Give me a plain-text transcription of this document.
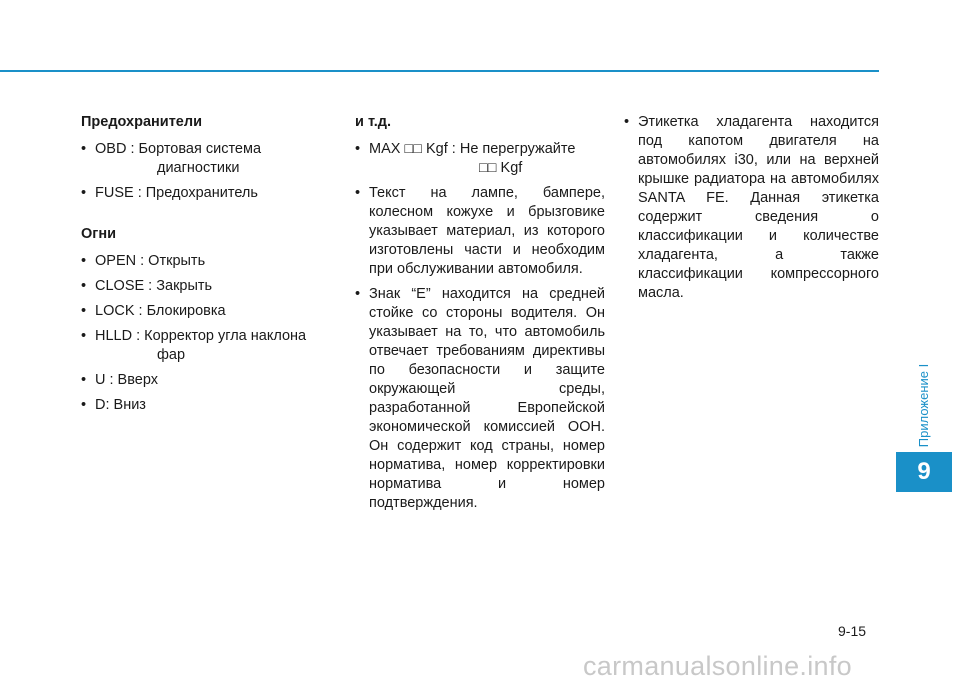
Предохранители
• OBD : Бортовая система
диагностики
• FUSE : Предохранитель
Огни
• OPEN : Открыть
• CLOSE : Закрыть
• LOCK : Блокировка
• HLLD : Корректор угла наклона
фар
• U : Вверх
• D: Вниз
и т.д.
• MAX □□ Kgf : Не перегружайте
□□ Kgf
• Текст на лампе, бампере, колесном кожухе и брызговике указывает материал, из которого изготовлены части и необходим при обслуживании автомобиля.
• Знак “E” находится на средней стойке со стороны водителя. Он указывает на то, что автомобиль отвечает требованиям директивы по безопасности и защите окружающей среды, разработанной Европейской экономической комиссией ООН. Он содержит код страны, номер норматива, номер корректировки норматива и номер подтверждения.
• Этикетка хладагента находится под капотом двигателя на автомобилях i30, или на верхней крышке радиатора на автомобилях SANTA FE. Данная этикетка содержит сведения о классификации и количестве хладагента, а также классификации компрессорного масла.
Приложение I
9
9-15
carmanualsonline.info
